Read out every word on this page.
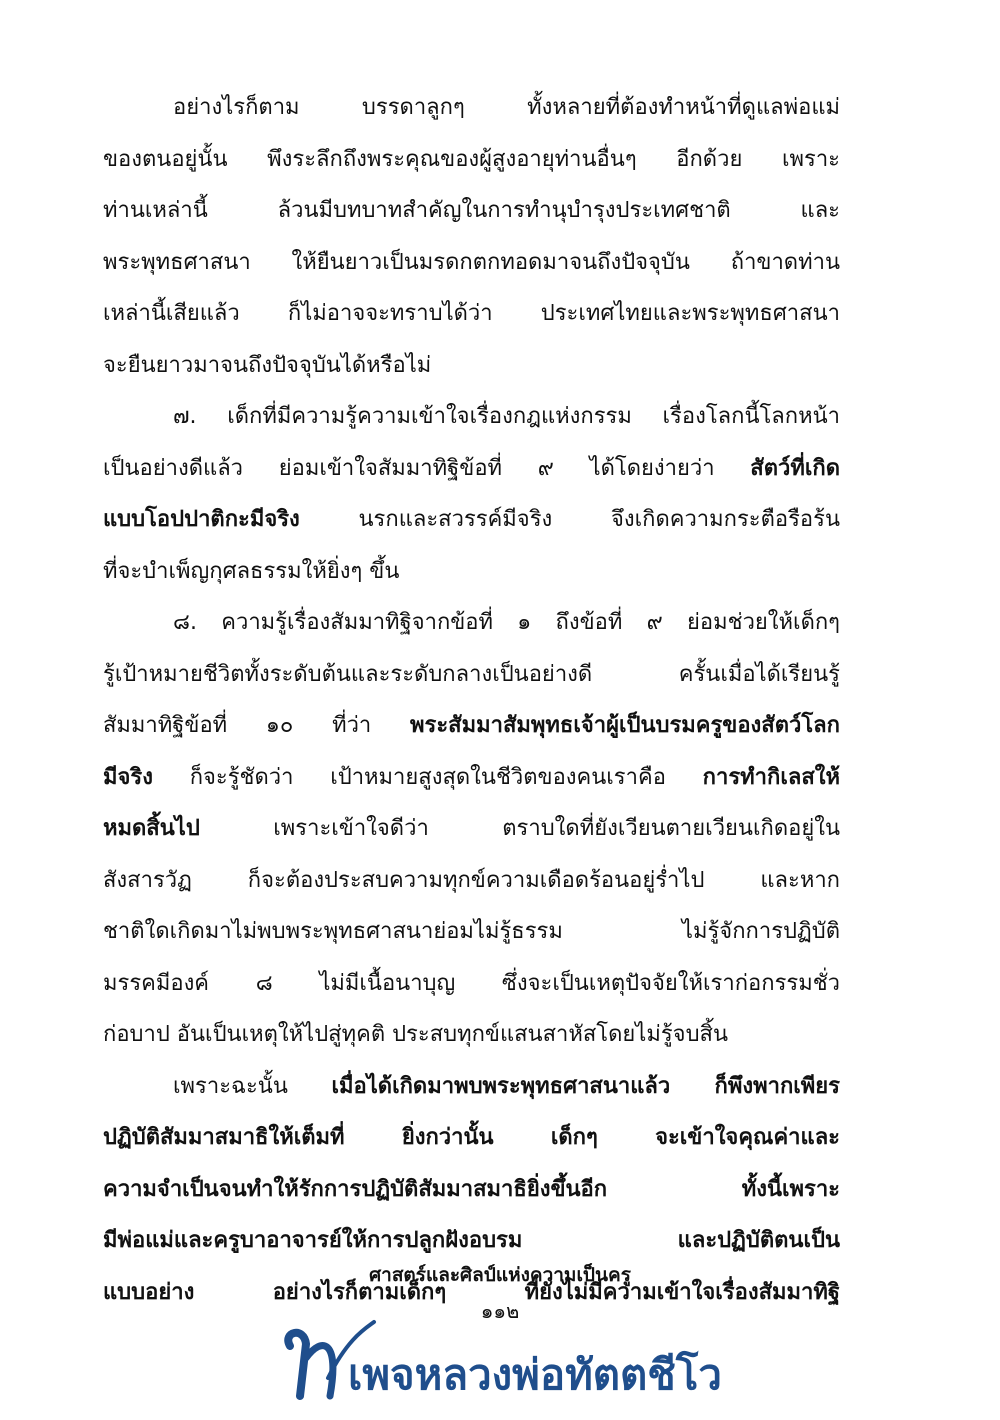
อย่างไรก็ตาม บรรดาลูกๆ ทั้งหลายที่ต้องทำหน้าที่ดูแลพ่อแม่
ของตนอยู่นั้น พึงระลึกถึงพระคุณของผู้สูงอายุท่านอื่นๆ อีกด้วย เพราะ
ท่านเหล่านี้ ล้วนมีบทบาทสำคัญในการทำนุบำรุงประเทศชาติ และ
พระพุทธศาสนา ให้ยืนยาวเป็นมรดกตกทอดมาจนถึงปัจจุบัน ถ้าขาดท่าน
เหล่านี้เสียแล้ว ก็ไม่อาจจะทราบได้ว่า ประเทศไทยและพระพุทธศาสนา
จะยืนยาวมาจนถึงปัจจุบันได้หรือไม่
๗. เด็กที่มีความรู้ความเข้าใจเรื่องกฎแห่งกรรม เรื่องโลกนี้โลกหน้า
เป็นอย่างดีแล้ว ย่อมเข้าใจสัมมาทิฐิข้อที่ ๙ ได้โดยง่ายว่า สัตว์ที่เกิด
แบบโอปปาติกะมีจริง นรกและสวรรค์มีจริง จึงเกิดความกระตือรือร้น
ที่จะบำเพ็ญกุศลธรรมให้ยิ่งๆ ขึ้น
๘. ความรู้เรื่องสัมมาทิฐิจากข้อที่ ๑ ถึงข้อที่ ๙ ย่อมช่วยให้เด็กๆ
รู้เป้าหมายชีวิตทั้งระดับต้นและระดับกลางเป็นอย่างดี ครั้นเมื่อได้เรียนรู้
สัมมาทิฐิข้อที่ ๑๐ ที่ว่า พระสัมมาสัมพุทธเจ้าผู้เป็นบรมครูของสัตว์โลก
มีจริง ก็จะรู้ชัดว่า เป้าหมายสูงสุดในชีวิตของคนเราคือ การทำกิเลสให้
หมดสิ้นไป เพราะเข้าใจดีว่า ตราบใดที่ยังเวียนตายเวียนเกิดอยู่ใน
สังสารวัฏ ก็จะต้องประสบความทุกข์ความเดือดร้อนอยู่ร่ำไป และหาก
ชาติใดเกิดมาไม่พบพระพุทธศาสนาย่อมไม่รู้ธรรม ไม่รู้จักการปฏิบัติ
มรรคมีองค์ ๘ ไม่มีเนื้อนาบุญ ซึ่งจะเป็นเหตุปัจจัยให้เราก่อกรรมชั่ว
ก่อบาป อันเป็นเหตุให้ไปสู่ทุคติ ประสบทุกข์แสนสาหัสโดยไม่รู้จบสิ้น
เพราะฉะนั้น เมื่อได้เกิดมาพบพระพุทธศาสนาแล้ว ก็พึงพากเพียร
ปฏิบัติสัมมาสมาธิให้เต็มที่ ยิ่งกว่านั้น เด็กๆ จะเข้าใจคุณค่าและ
ความจำเป็นจนทำให้รักการปฏิบัติสัมมาสมาธิยิ่งขึ้นอีก ทั้งนี้เพราะ
มีพ่อแม่และครูบาอาจารย์ให้การปลูกฝังอบรม และปฏิบัติตนเป็น
แบบอย่าง อย่างไรก็ตามเด็กๆ ที่ยังไม่มีความเข้าใจเรื่องสัมมาทิฐิ
ศาสตร์และศิลป์แห่งความเป็นครู
๑๑๒
เพจหลวงพ่อทัตตชีโว
